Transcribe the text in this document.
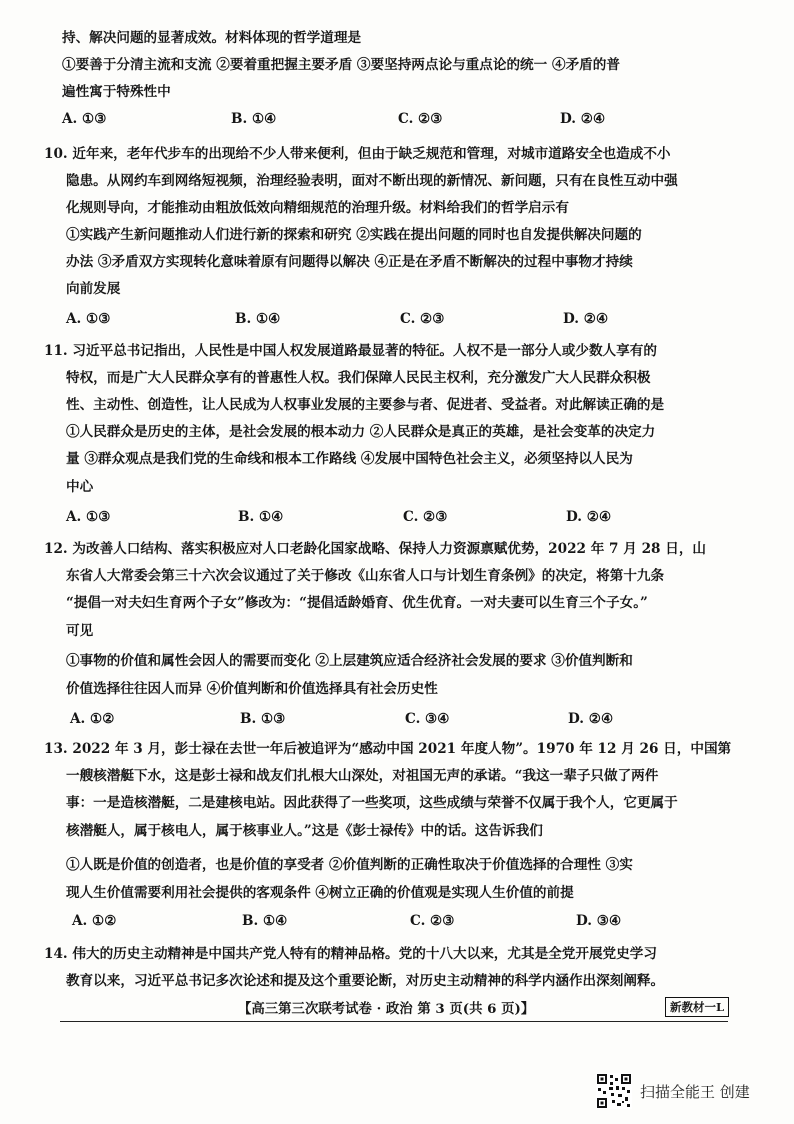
持、解决问题的显著成效。材料体现的哲学道理是
①要善于分清主流和支流 ②要着重把握主要矛盾 ③要坚持两点论与重点论的统一 ④矛盾的普
遍性寓于特殊性中
A. ①③	B. ①④	C. ②③	D. ②④
10. 近年来，老年代步车的出现给不少人带来便利，但由于缺乏规范和管理，对城市道路安全也造成不小
隐患。从网约车到网络短视频，治理经验表明，面对不断出现的新情况、新问题，只有在良性互动中强
化规则导向，才能推动由粗放低效向精细规范的治理升级。材料给我们的哲学启示有
①实践产生新问题推动人们进行新的探索和研究 ②实践在提出问题的同时也自发提供解决问题的
办法 ③矛盾双方实现转化意味着原有问题得以解决 ④正是在矛盾不断解决的过程中事物才持续
向前发展
A. ①③	B. ①④	C. ②③	D. ②④
11. 习近平总书记指出，人民性是中国人权发展道路最显著的特征。人权不是一部分人或少数人享有的
特权，而是广大人民群众享有的普惠性人权。我们保障人民民主权利，充分激发广大人民群众积极
性、主动性、创造性，让人民成为人权事业发展的主要参与者、促进者、受益者。对此解读正确的是
①人民群众是历史的主体，是社会发展的根本动力 ②人民群众是真正的英雄，是社会变革的决定力
量 ③群众观点是我们党的生命线和根本工作路线 ④发展中国特色社会主义，必须坚持以人民为
中心
A. ①③	B. ①④	C. ②③	D. ②④
12. 为改善人口结构、落实积极应对人口老龄化国家战略、保持人力资源禀赋优势，2022 年 7 月 28 日，山
东省人大常委会第三十六次会议通过了关于修改《山东省人口与计划生育条例》的决定，将第十九条
“提倡一对夫妇生育两个子女”修改为：“提倡适龄婚育、优生优育。一对夫妻可以生育三个子女。”
可见
①事物的价值和属性会因人的需要而变化 ②上层建筑应适合经济社会发展的要求 ③价值判断和
价值选择往往因人而异 ④价值判断和价值选择具有社会历史性
A. ①②	B. ①③	C. ③④	D. ②④
13. 2022 年 3 月，彭士禄在去世一年后被追评为“感动中国 2021 年度人物”。1970 年 12 月 26 日，中国第
一艘核潜艇下水，这是彭士禄和战友们扎根大山深处，对祖国无声的承诺。“我这一辈子只做了两件
事：一是造核潜艇，二是建核电站。因此获得了一些奖项，这些成绩与荣誉不仅属于我个人，它更属于
核潜艇人，属于核电人，属于核事业人。”这是《彭士禄传》中的话。这告诉我们
①人既是价值的创造者，也是价值的享受者 ②价值判断的正确性取决于价值选择的合理性 ③实
现人生价值需要利用社会提供的客观条件 ④树立正确的价值观是实现人生价值的前提
A. ①②	B. ①④	C. ②③	D. ③④
14. 伟大的历史主动精神是中国共产党人特有的精神品格。党的十八大以来，尤其是全党开展党史学习
教育以来，习近平总书记多次论述和提及这个重要论断，对历史主动精神的科学内涵作出深刻阐释。
【高三第三次联考试卷 · 政治 第 3 页(共 6 页)】	新教材一L
扫描全能王 创建
